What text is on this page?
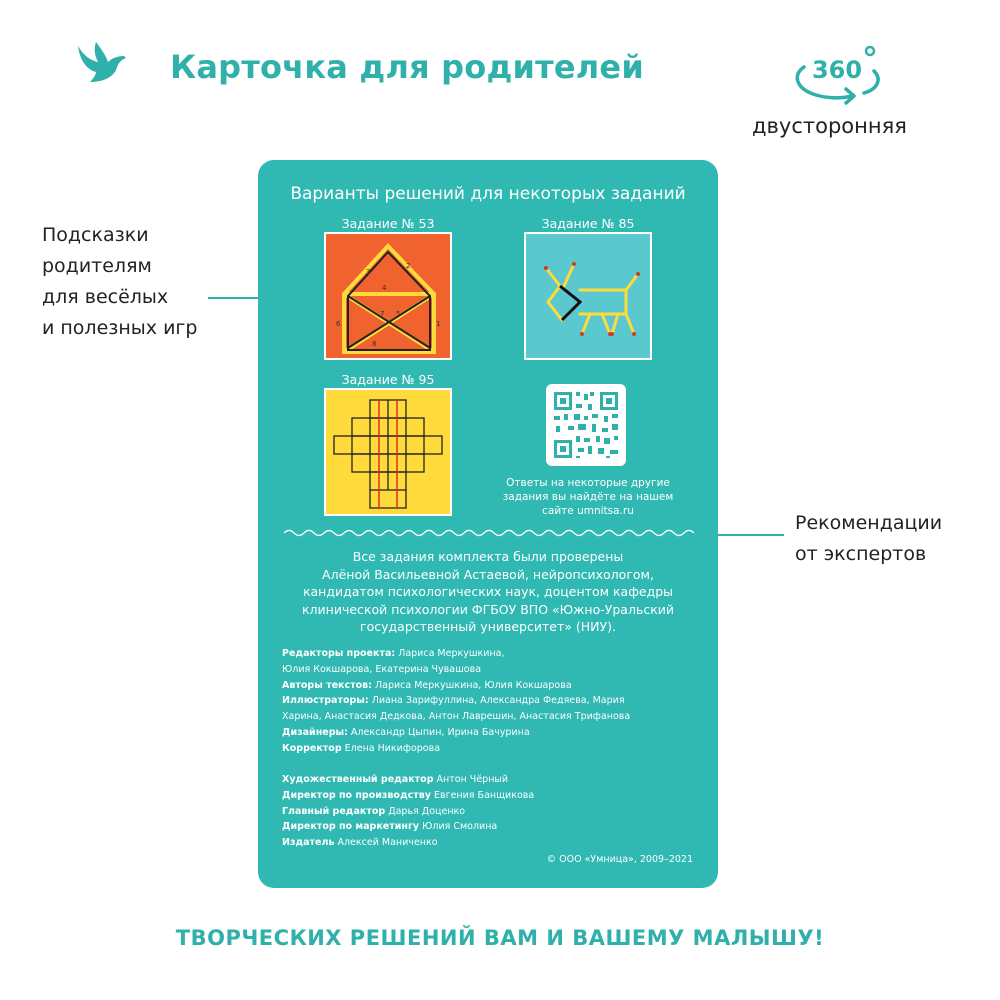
Карточка для родителей	360
двусторонняя
Подсказки
родителям
для весёлых
и полезных игр
Рекомендации
от экспертов
Варианты решений для некоторых заданий
Задание № 53
3
2
4
6	1
8
5
7
Задание № 85
Задание № 95
Ответы на некоторые другие
задания вы найдёте на нашем
сайте umnitsa.ru
Все задания комплекта были проверены
Алёной Васильевной Астаевой, нейропсихологом,
кандидатом психологических наук, доцентом кафедры
клинической психологии ФГБОУ ВПО «Южно-Уральский
государственный университет» (НИУ).
Редакторы проекта: Лариса Меркушкина,
Юлия Кокшарова, Екатерина Чувашова
Авторы текстов: Лариса Меркушкина, Юлия Кокшарова
Иллюстраторы: Лиана Зарифуллина, Александра Федяева, Мария
Харина, Анастасия Дедкова, Антон Лаврешин, Анастасия Трифанова
Дизайнеры: Александр Цыпин, Ирина Бачурина
Корректор Елена Никифорова
Художественный редактор Антон Чёрный
Директор по производству Евгения Банщикова
Главный редактор Дарья Доценко
Директор по маркетингу Юлия Смолина
Издатель Алексей Маниченко
© ООО «Умница», 2009–2021
ТВОРЧЕСКИХ РЕШЕНИЙ ВАМ И ВАШЕМУ МАЛЫШУ!
